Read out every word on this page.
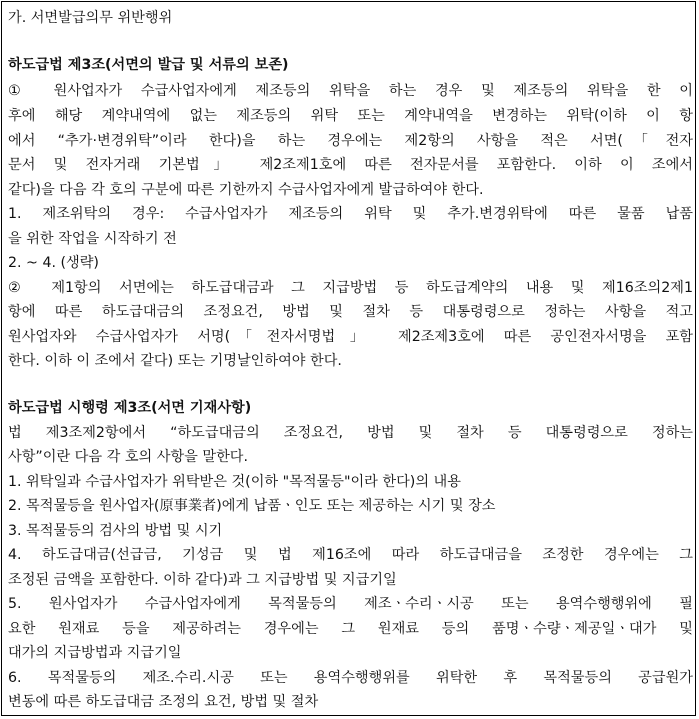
가. 서면발급의무 위반행위
하도급법 제3조(서면의 발급 및 서류의 보존)
① 원사업자가 수급사업자에게 제조등의 위탁을 하는 경우 및 제조등의 위탁을 한 이
후에 해당 계약내역에 없는 제조등의 위탁 또는 계약내역을 변경하는 위탁(이하 이 항
에서 “추가·변경위탁”이라 한다)을 하는 경우에는 제2항의 사항을 적은 서면(「전자
문서 및 전자거래 기본법」 제2조제1호에 따른 전자문서를 포함한다. 이하 이 조에서
같다)을 다음 각 호의 구분에 따른 기한까지 수급사업자에게 발급하여야 한다.
1. 제조위탁의 경우: 수급사업자가 제조등의 위탁 및 추가.변경위탁에 따른 물품 납품
을 위한 작업을 시작하기 전
2. ~ 4. (생략)
② 제1항의 서면에는 하도급대금과 그 지급방법 등 하도급계약의 내용 및 제16조의2제1
항에 따른 하도급대금의 조정요건, 방법 및 절차 등 대통령령으로 정하는 사항을 적고
원사업자와 수급사업자가 서명(「전자서명법」 제2조제3호에 따른 공인전자서명을 포함
한다. 이하 이 조에서 같다) 또는 기명날인하여야 한다.
하도급법 시행령 제3조(서면 기재사항)
법 제3조제2항에서 “하도급대금의 조정요건, 방법 및 절차 등 대통령령으로 정하는
사항”이란 다음 각 호의 사항을 말한다.
1. 위탁일과 수급사업자가 위탁받은 것(이하 "목적물등"이라 한다)의 내용
2. 목적물등을 원사업자(原事業者)에게 납품ㆍ인도 또는 제공하는 시기 및 장소
3. 목적물등의 검사의 방법 및 시기
4. 하도급대금(선급금, 기성금 및 법 제16조에 따라 하도급대금을 조정한 경우에는 그
조정된 금액을 포함한다. 이하 같다)과 그 지급방법 및 지급기일
5. 원사업자가 수급사업자에게 목적물등의 제조ㆍ수리ㆍ시공 또는 용역수행행위에 필
요한 원재료 등을 제공하려는 경우에는 그 원재료 등의 품명ㆍ수량ㆍ제공일ㆍ대가 및
대가의 지급방법과 지급기일
6. 목적물등의 제조.수리.시공 또는 용역수행행위를 위탁한 후 목적물등의 공급원가
변동에 따른 하도급대금 조정의 요건, 방법 및 절차
